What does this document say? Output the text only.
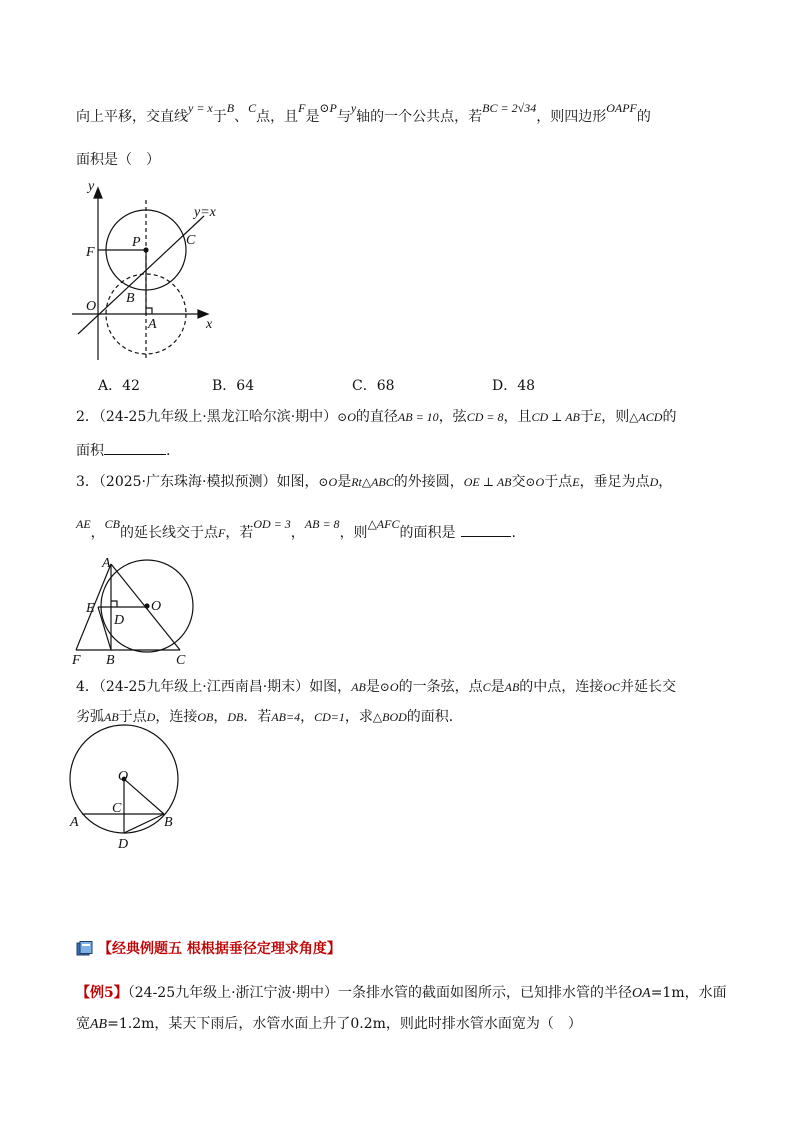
向上平移，交直线y = x于B、C点，且F是⊙P与y轴的一个公共点，若BC = 2√34，则四边形OAPF的
面积是（　）
y
x
y=x
O
F
P	C
B
A
A
E	O
D
F B	C
O
C
A	B
D
A．42	B．64	C．68	D．48
2．（24-25九年级上·黑龙江哈尔滨·期中）⊙O的直径AB = 10，弦CD = 8，且CD ⊥ AB于E，则△ACD的
面积	.
3．（2025·广东珠海·模拟预测）如图，⊙O是Rt△ABC的外接圆，OE ⊥ AB交⊙O于点E，垂足为点D，
AE，CB的延长线交于点F，若OD = 3，AB = 8，则△AFC的面积是	.
4．（24-25九年级上·江西南昌·期末）如图，AB是⊙O的一条弦，点C是AB的中点，连接OC并延长交
劣弧AB于点D，连接OB，DB．若AB=4，CD=1，求△BOD的面积．
【经典例题五 根根据垂径定理求角度】
【例5】（24-25九年级上·浙江宁波·期中）一条排水管的截面如图所示，已知排水管的半径OA=1m，水面
宽AB=1.2m，某天下雨后，水管水面上升了0.2m，则此时排水管水面宽为（　）
